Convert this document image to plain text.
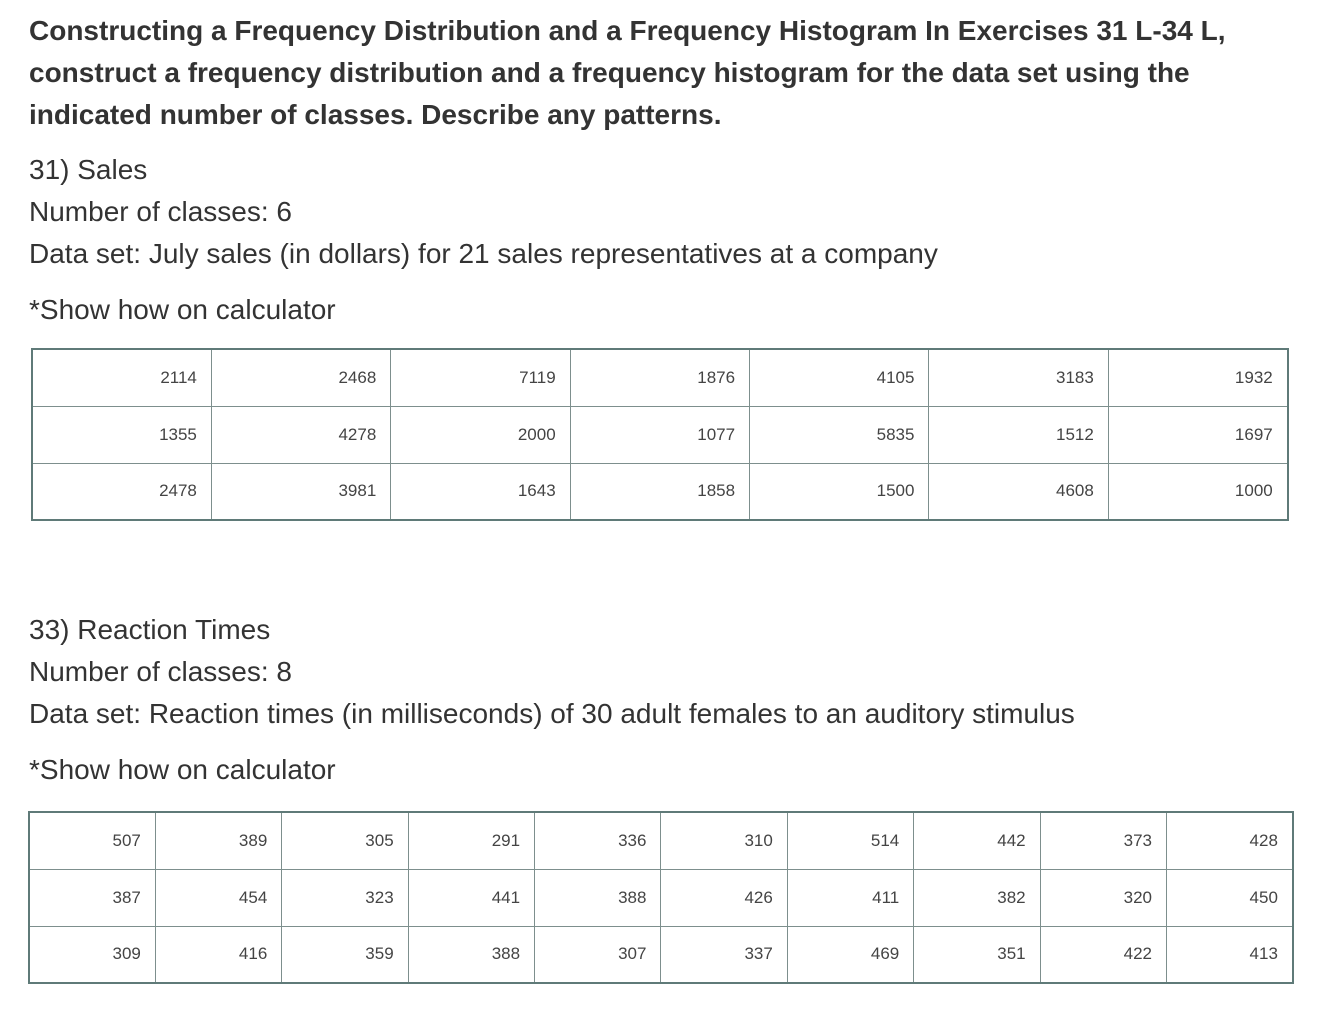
Constructing a Frequency Distribution and a Frequency Histogram In Exercises 31 L-34 L, construct a frequency distribution and a frequency histogram for the data set using the indicated number of classes. Describe any patterns.
31) Sales
Number of classes: 6
Data set: July sales (in dollars) for 21 sales representatives at a company
*Show how on calculator
2114	2468	7119	1876	4105	3183	1932
1355	4278	2000	1077	5835	1512	1697
2478	3981	1643	1858	1500	4608	1000
33) Reaction Times
Number of classes: 8
Data set: Reaction times (in milliseconds) of 30 adult females to an auditory stimulus
*Show how on calculator
507	389	305	291	336	310	514	442	373	428
387	454	323	441	388	426	411	382	320	450
309	416	359	388	307	337	469	351	422	413
